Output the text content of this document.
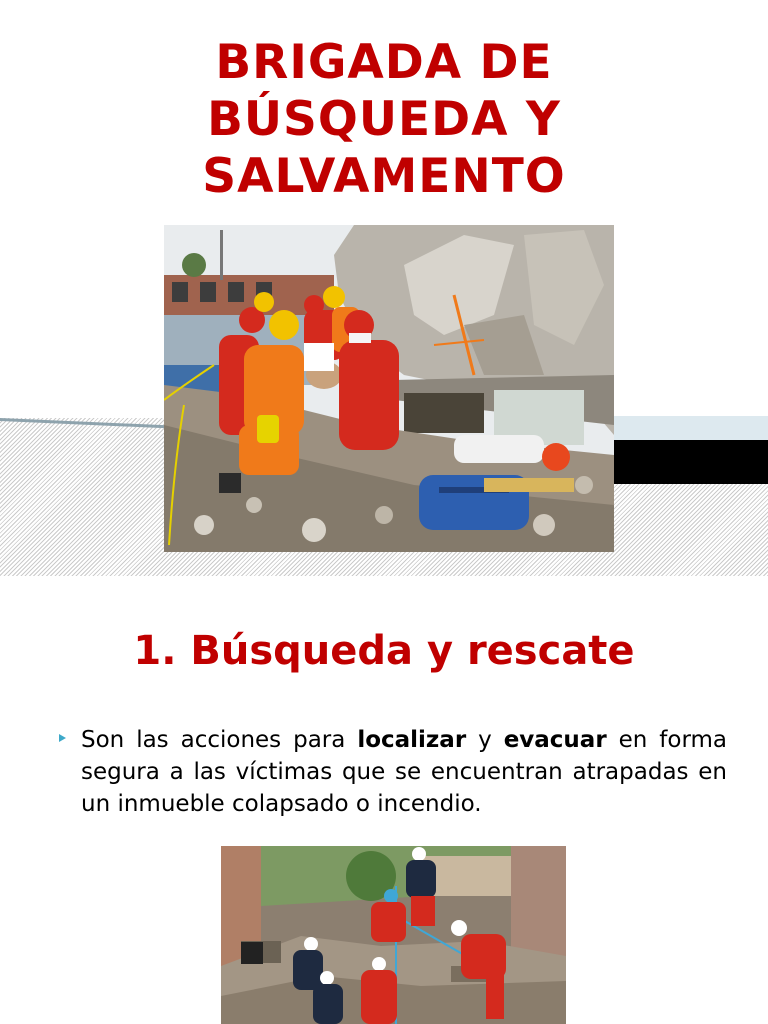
BRIGADA DE
BÚSQUEDA Y
SALVAMENTO
1. Búsqueda y rescate

Son las acciones para localizar y evacuar en forma segura a las víctimas que se encuentran atrapadas en un inmueble colapsado o incendio.
